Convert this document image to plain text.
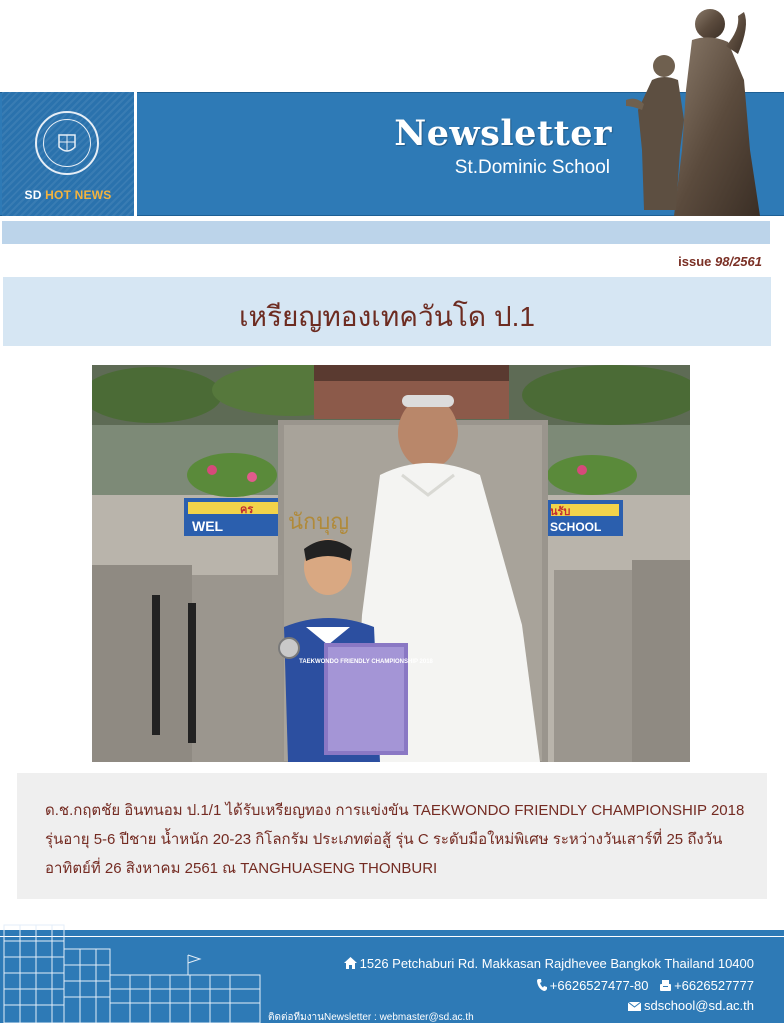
SD HOT NEWS
Newsletter
St.Dominic School
issue 98/2561
เหรียญทองเทควันโด ป.1
WEL
คร
SCHOOL
นรับ
นักบุญ
TAEKWONDO FRIENDLY CHAMPIONSHIP 2018
ด.ช.กฤตชัย อินทนอม ป.1/1 ได้รับเหรียญทอง การแข่งขัน TAEKWONDO FRIENDLY CHAMPIONSHIP 2018 รุ่นอายุ 5-6 ปีชาย น้ำหนัก 20-23 กิโลกรัม ประเภทต่อสู้ รุ่น C ระดับมือใหม่พิเศษ ระหว่างวันเสาร์ที่ 25 ถึงวันอาทิตย์ที่ 26 สิงหาคม 2561 ณ TANGHUASENG THONBURI
1526 Petchaburi Rd. Makkasan Rajdhevee Bangkok Thailand 10400
+6626527477-80 +6626527777
sdschool@sd.ac.th
ติดต่อทีมงานNewsletter : webmaster@sd.ac.th
